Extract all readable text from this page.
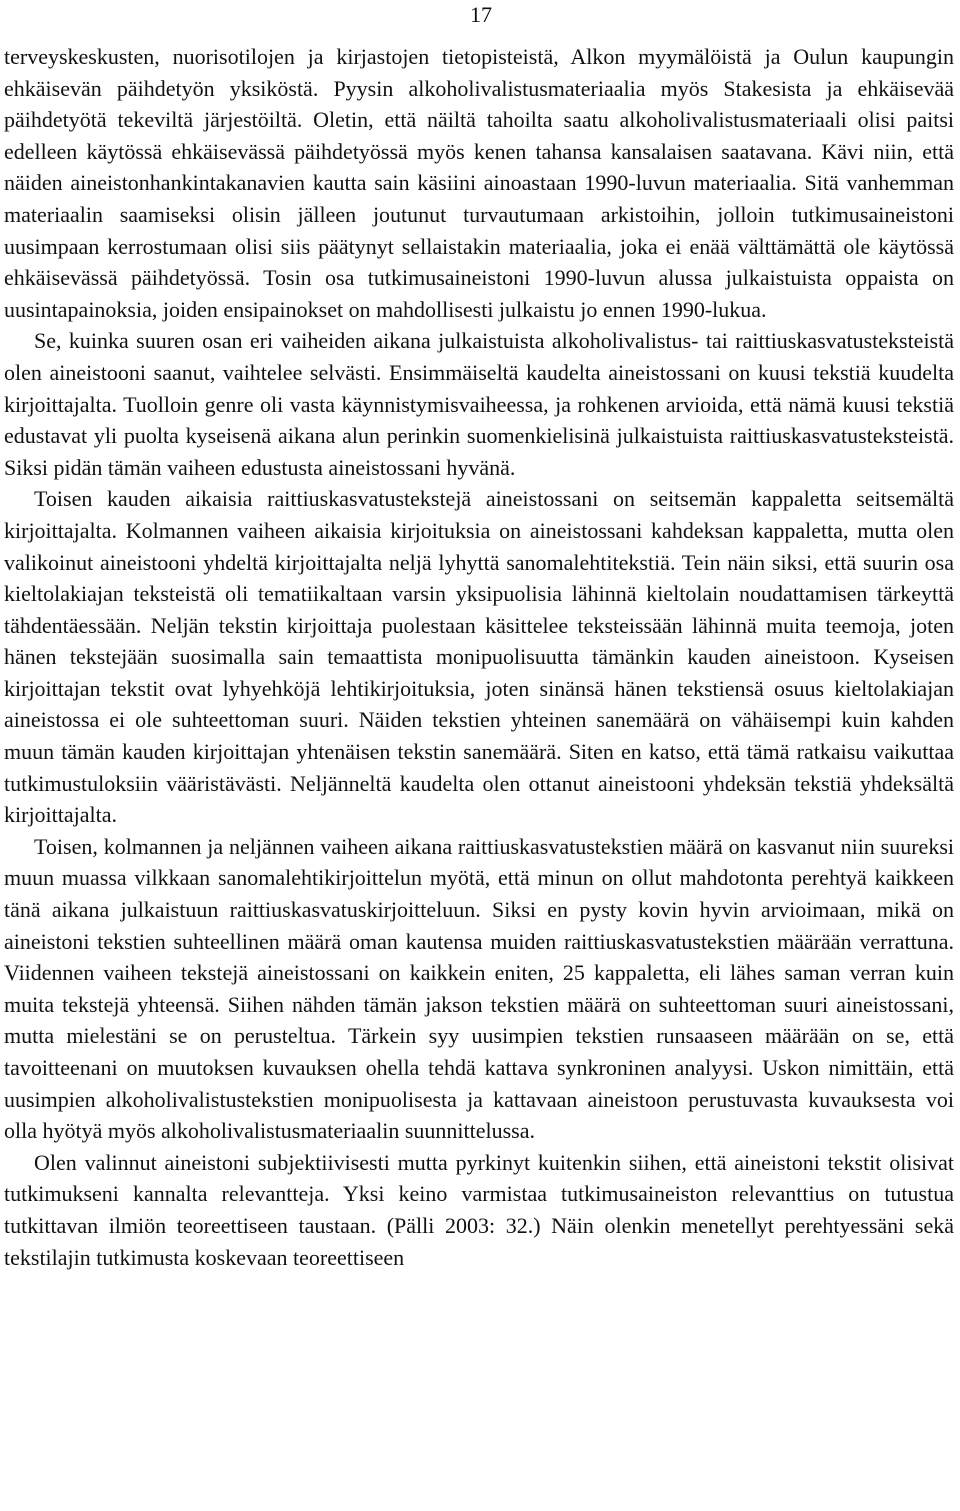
17

terveyskeskusten, nuorisotilojen ja kirjastojen tietopisteistä, Alkon myymälöistä ja Oulun kaupungin ehkäisevän päihdetyön yksiköstä. Pyysin alkoholivalistusmateriaalia myös Stakesista ja ehkäisevää päihdetyötä tekeviltä järjestöiltä. Oletin, että näiltä tahoilta saatu alkoholivalistusmateriaali olisi paitsi edelleen käytössä ehkäisevässä päihdetyössä myös kenen tahansa kansalaisen saatavana. Kävi niin, että näiden aineistonhankintakanavien kautta sain käsiini ainoastaan 1990-luvun materiaalia. Sitä vanhemman materiaalin saamiseksi olisin jälleen joutunut turvautumaan arkistoihin, jolloin tutkimusaineistoni uusimpaan kerrostumaan olisi siis päätynyt sellaistakin materiaalia, joka ei enää välttämättä ole käytössä ehkäisevässä päihdetyössä. Tosin osa tutkimusaineistoni 1990-luvun alussa julkaistuista oppaista on uusintapainoksia, joiden ensipainokset on mahdollisesti julkaistu jo ennen 1990-lukua.

Se, kuinka suuren osan eri vaiheiden aikana julkaistuista alkoholivalistus- tai raittiuskasvatusteksteistä olen aineistooni saanut, vaihtelee selvästi. Ensimmäiseltä kaudelta aineistossani on kuusi tekstiä kuudelta kirjoittajalta. Tuolloin genre oli vasta käynnistymisvaiheessa, ja rohkenen arvioida, että nämä kuusi tekstiä edustavat yli puolta kyseisenä aikana alun perinkin suomenkielisinä julkaistuista raittiuskasvatusteksteistä. Siksi pidän tämän vaiheen edustusta aineistossani hyvänä.

Toisen kauden aikaisia raittiuskasvatustekstejä aineistossani on seitsemän kappaletta seitsemältä kirjoittajalta. Kolmannen vaiheen aikaisia kirjoituksia on aineistossani kahdeksan kappaletta, mutta olen valikoinut aineistooni yhdeltä kirjoittajalta neljä lyhyttä sanomalehtitekstiä. Tein näin siksi, että suurin osa kieltolakiajan teksteistä oli tematiikaltaan varsin yksipuolisia lähinnä kieltolain noudattamisen tärkeyttä tähdentäessään. Neljän tekstin kirjoittaja puolestaan käsittelee teksteissään lähinnä muita teemoja, joten hänen tekstejään suosimalla sain temaattista monipuolisuutta tämänkin kauden aineistoon. Kyseisen kirjoittajan tekstit ovat lyhyehköjä lehtikirjoituksia, joten sinänsä hänen tekstiensä osuus kieltolakiajan aineistossa ei ole suhteettoman suuri. Näiden tekstien yhteinen sanemäärä on vähäisempi kuin kahden muun tämän kauden kirjoittajan yhtenäisen tekstin sanemäärä. Siten en katso, että tämä ratkaisu vaikuttaa tutkimustuloksiin vääristävästi. Neljänneltä kaudelta olen ottanut aineistooni yhdeksän tekstiä yhdeksältä kirjoittajalta.

Toisen, kolmannen ja neljännen vaiheen aikana raittiuskasvatustekstien määrä on kasvanut niin suureksi muun muassa vilkkaan sanomalehtikirjoittelun myötä, että minun on ollut mahdotonta perehtyä kaikkeen tänä aikana julkaistuun raittiuskasvatuskirjoitteluun. Siksi en pysty kovin hyvin arvioimaan, mikä on aineistoni tekstien suhteellinen määrä oman kautensa muiden raittiuskasvatustekstien määrään verrattuna. Viidennen vaiheen tekstejä aineistossani on kaikkein eniten, 25 kappaletta, eli lähes saman verran kuin muita tekstejä yhteensä. Siihen nähden tämän jakson tekstien määrä on suhteettoman suuri aineistossani, mutta mielestäni se on perusteltua. Tärkein syy uusimpien tekstien runsaaseen määrään on se, että tavoitteenani on muutoksen kuvauksen ohella tehdä kattava synkroninen analyysi. Uskon nimittäin, että uusimpien alkoholivalistustekstien monipuolisesta ja kattavaan aineistoon perustuvasta kuvauksesta voi olla hyötyä myös alkoholivalistusmateriaalin suunnittelussa.

Olen valinnut aineistoni subjektiivisesti mutta pyrkinyt kuitenkin siihen, että aineistoni tekstit olisivat tutkimukseni kannalta relevantteja. Yksi keino varmistaa tutkimusaineiston relevanttius on tutustua tutkittavan ilmiön teoreettiseen taustaan. (Pälli 2003: 32.) Näin olenkin menetellyt perehtyessäni sekä tekstilajin tutkimusta koskevaan teoreettiseen
